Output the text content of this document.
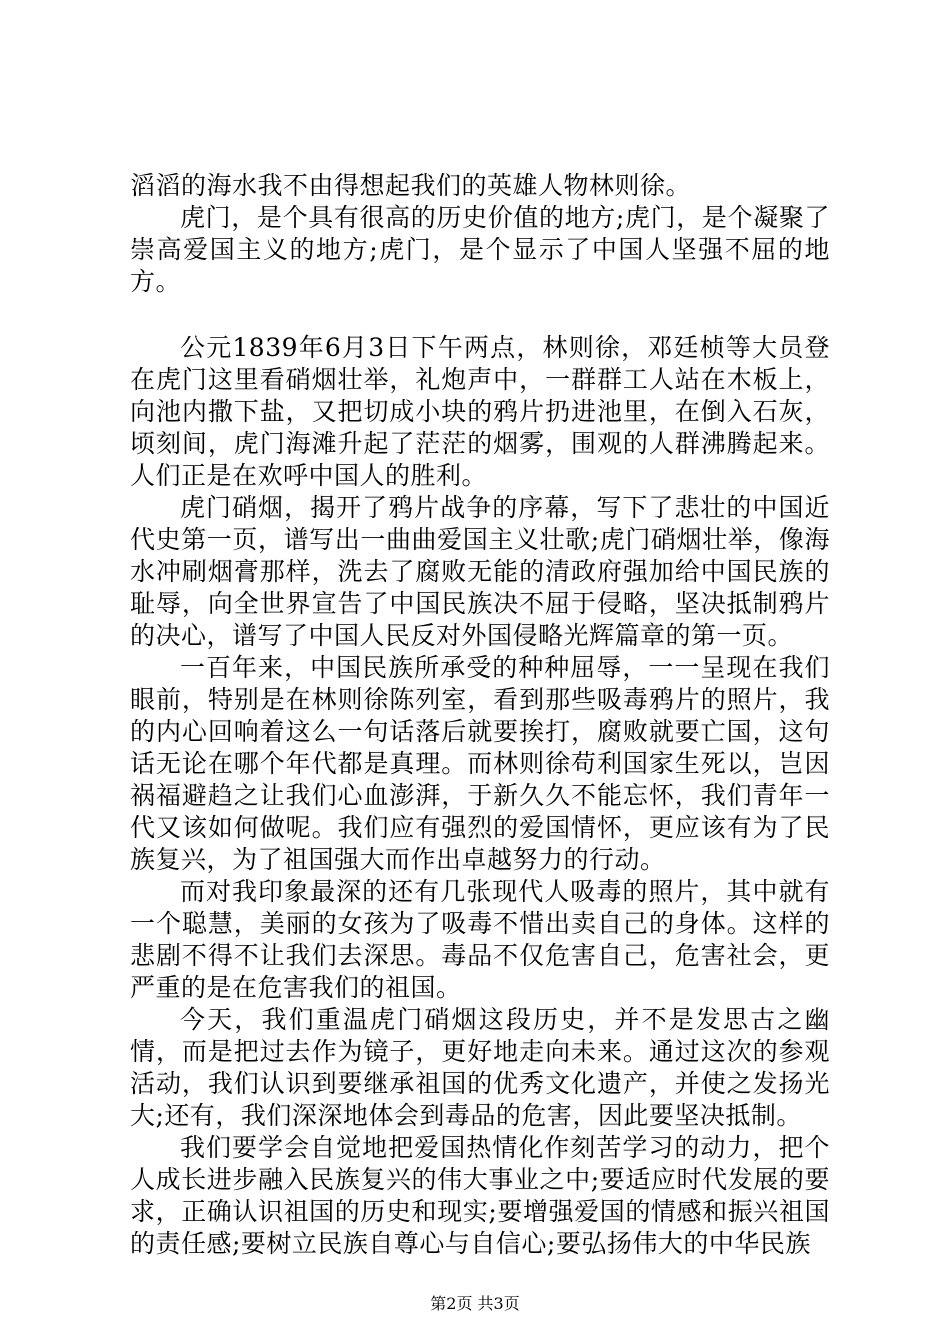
滔滔的海水我不由得想起我们的英雄人物林则徐。

虎门，是个具有很高的历史价值的地方;虎门，是个凝聚了崇高爱国主义的地方;虎门，是个显示了中国人坚强不屈的地方。

公元1839年6月3日下午两点，林则徐，邓廷桢等大员登在虎门这里看硝烟壮举，礼炮声中，一群群工人站在木板上，向池内撒下盐，又把切成小块的鸦片扔进池里，在倒入石灰，顷刻间，虎门海滩升起了茫茫的烟雾，围观的人群沸腾起来。人们正是在欢呼中国人的胜利。

虎门硝烟，揭开了鸦片战争的序幕，写下了悲壮的中国近代史第一页，谱写出一曲曲爱国主义壮歌;虎门硝烟壮举，像海水冲刷烟膏那样，洗去了腐败无能的清政府强加给中国民族的耻辱，向全世界宣告了中国民族决不屈于侵略，坚决抵制鸦片的决心，谱写了中国人民反对外国侵略光辉篇章的第一页。

一百年来，中国民族所承受的种种屈辱，一一呈现在我们眼前，特别是在林则徐陈列室，看到那些吸毒鸦片的照片，我的内心回响着这么一句话落后就要挨打，腐败就要亡国，这句话无论在哪个年代都是真理。而林则徐苟利国家生死以，岂因祸福避趋之让我们心血澎湃，于新久久不能忘怀，我们青年一代又该如何做呢。我们应有强烈的爱国情怀，更应该有为了民族复兴，为了祖国强大而作出卓越努力的行动。

而对我印象最深的还有几张现代人吸毒的照片，其中就有一个聪慧，美丽的女孩为了吸毒不惜出卖自己的身体。这样的悲剧不得不让我们去深思。毒品不仅危害自己，危害社会，更严重的是在危害我们的祖国。

今天，我们重温虎门硝烟这段历史，并不是发思古之幽情，而是把过去作为镜子，更好地走向未来。通过这次的参观活动，我们认识到要继承祖国的优秀文化遗产，并使之发扬光大;还有，我们深深地体会到毒品的危害，因此要坚决抵制。

我们要学会自觉地把爱国热情化作刻苦学习的动力，把个人成长进步融入民族复兴的伟大事业之中;要适应时代发展的要求，正确认识祖国的历史和现实;要增强爱国的情感和振兴祖国的责任感;要树立民族自尊心与自信心;要弘扬伟大的中华民族

第2页 共3页
